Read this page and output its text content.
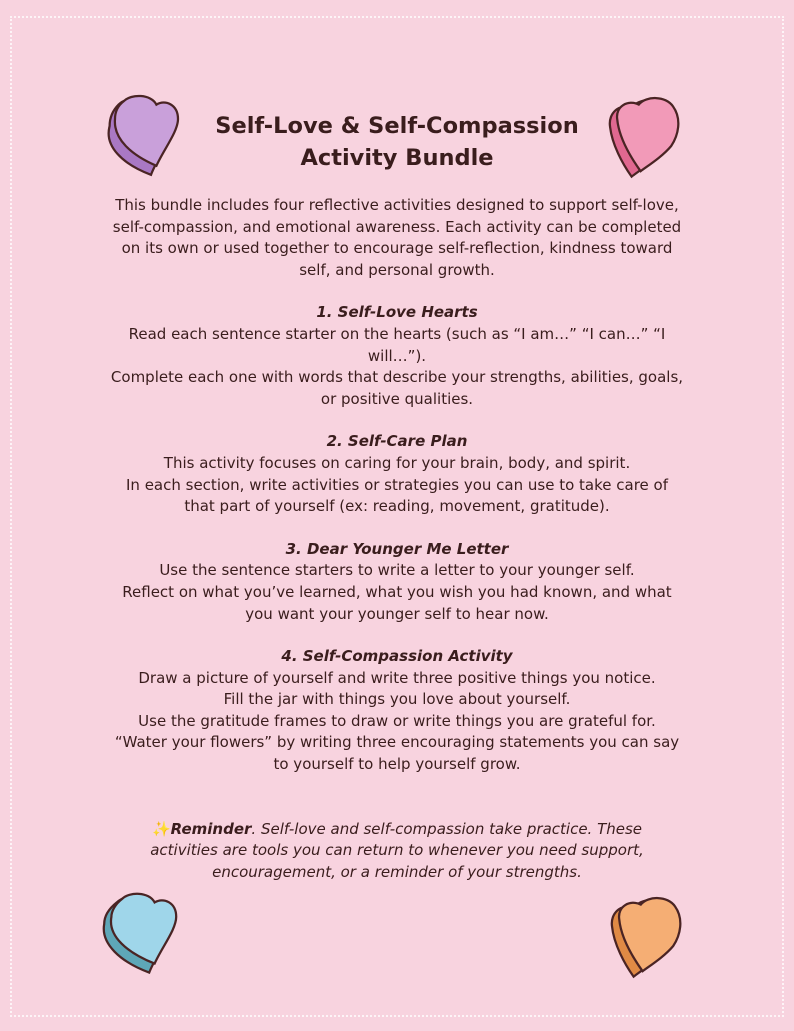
Self-Love & Self-Compassion
Activity Bundle

This bundle includes four reflective activities designed to support self-love, self-compassion, and emotional awareness. Each activity can be completed on its own or used together to encourage self-reflection, kindness toward self, and personal growth.

1. Self-Love Hearts

Read each sentence starter on the hearts (such as “I am…” “I can…” “I will…”).

Complete each one with words that describe your strengths, abilities, goals, or positive qualities.

2. Self-Care Plan

This activity focuses on caring for your brain, body, and spirit.

In each section, write activities or strategies you can use to take care of that part of yourself (ex: reading, movement, gratitude).

3. Dear Younger Me Letter

Use the sentence starters to write a letter to your younger self.

Reflect on what you’ve learned, what you wish you had known, and what you want your younger self to hear now.

4. Self-Compassion Activity

Draw a picture of yourself and write three positive things you notice.

Fill the jar with things you love about yourself.

Use the gratitude frames to draw or write things you are grateful for.

“Water your flowers” by writing three encouraging statements you can say to yourself to help yourself grow.

✨Reminder. Self-love and self-compassion take practice. These activities are tools you can return to whenever you need support, encouragement, or a reminder of your strengths.
